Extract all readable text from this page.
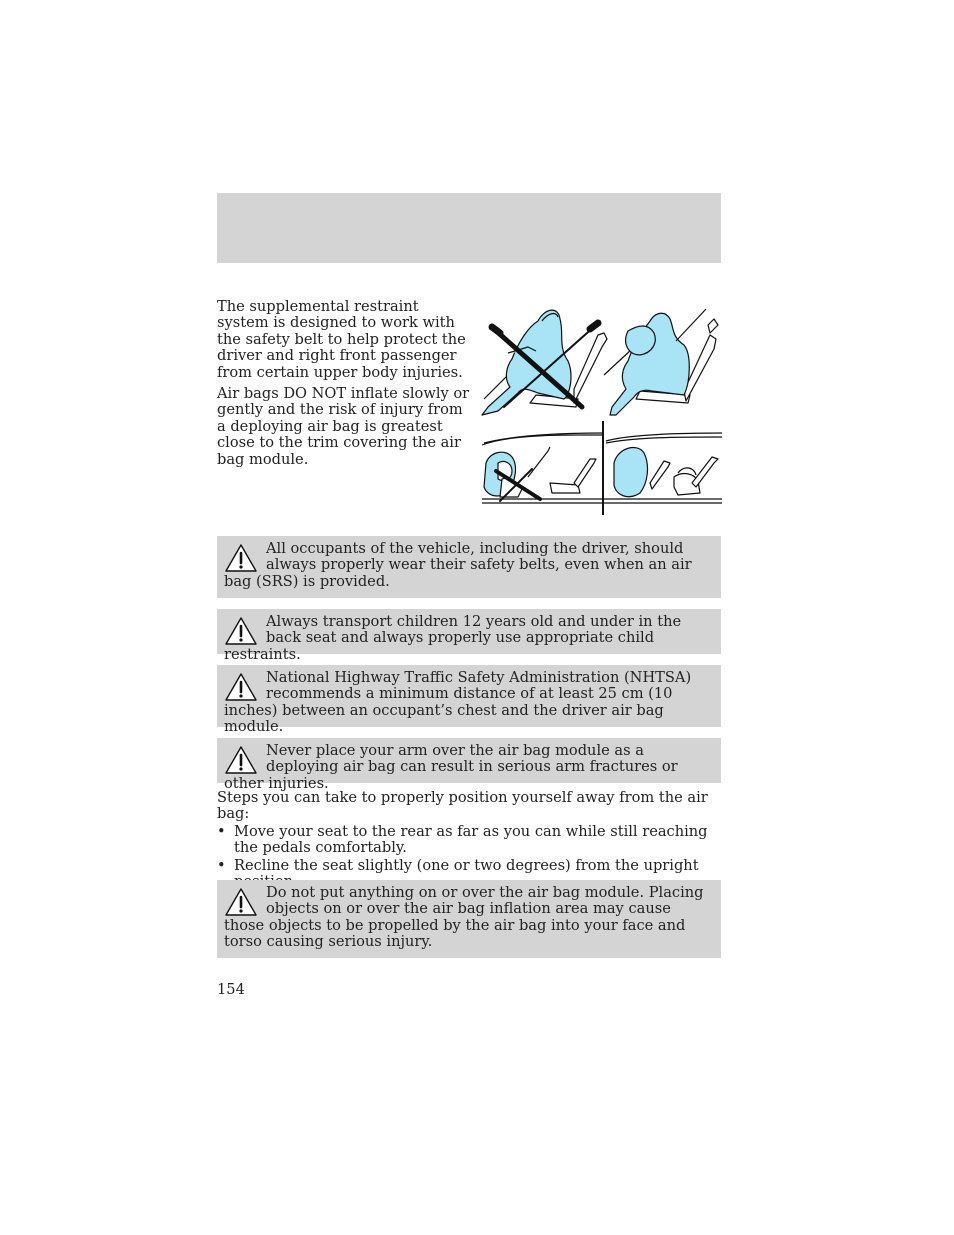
The supplemental restraint system is designed to work with the safety belt to help protect the driver and right front passenger from certain upper body injuries.

Air bags DO NOT inflate slowly or gently and the risk of injury from a deploying air bag is greatest close to the trim covering the air bag module.

All occupants of the vehicle, including the driver, should always properly wear their safety belts, even when an air bag (SRS) is provided.
Always transport children 12 years old and under in the back seat and always properly use appropriate child restraints.
National Highway Traffic Safety Administration (NHTSA) recommends a minimum distance of at least 25 cm (10 inches) between an occupant’s chest and the driver air bag module.
Never place your arm over the air bag module as a deploying air bag can result in serious arm fractures or other injuries.

Steps you can take to properly position yourself away from the air bag:

• Move your seat to the rear as far as you can while still reaching the pedals comfortably.
• Recline the seat slightly (one or two degrees) from the upright
Do not put anything on or over the air bag module. Placing objects on or over the air bag inflation area may cause those objects to be propelled by the air bag into your face and torso causing serious injury.
154
